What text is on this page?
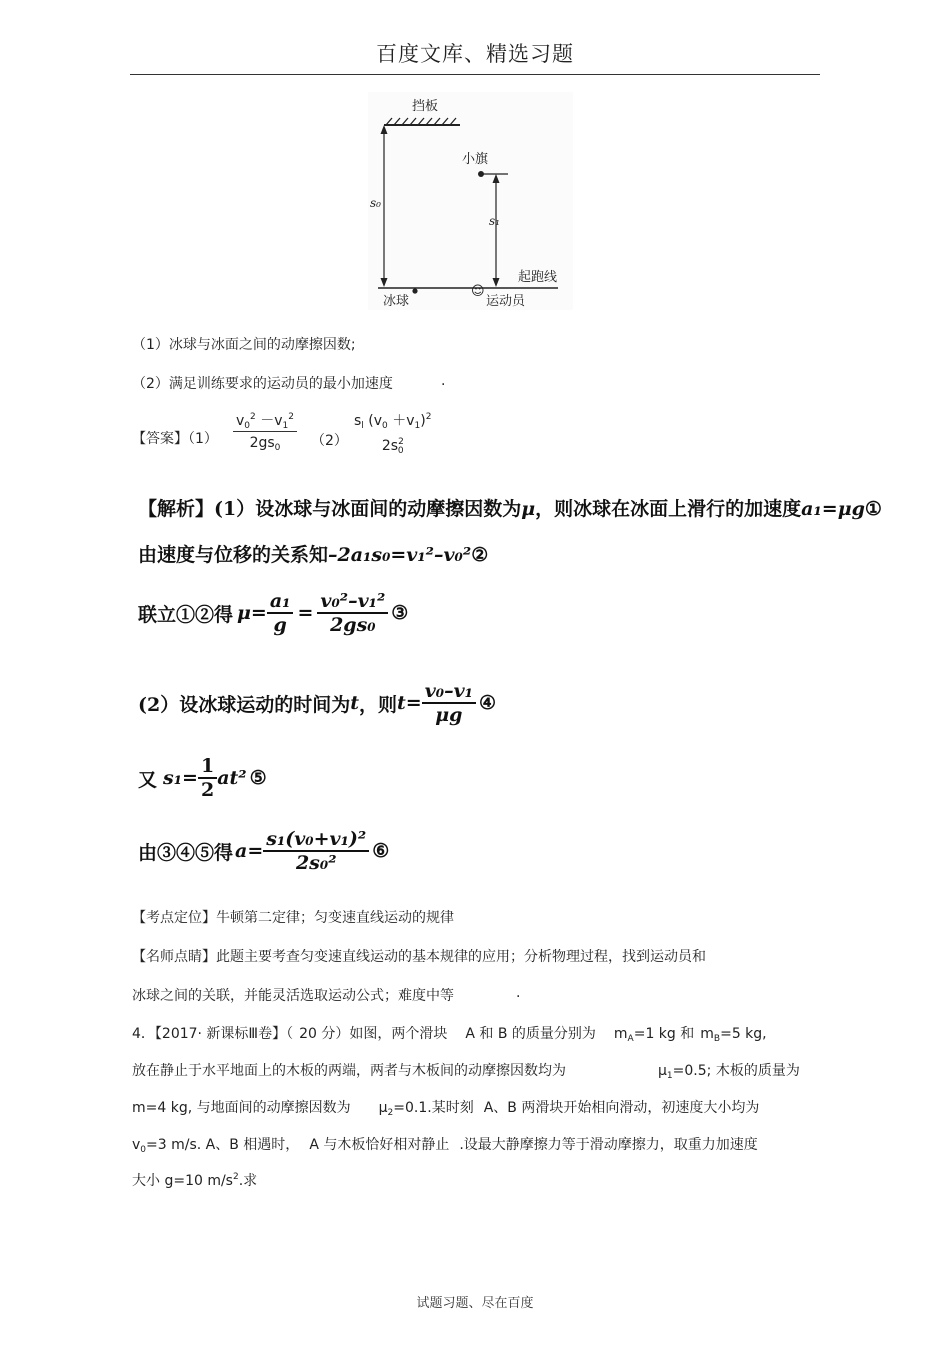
百度文库、精选习题
挡板
小旗
s₀
s₁
起跑线
冰球
☺
运动员
（1）冰球与冰面之间的动摩擦因数;
（2）满足训练要求的运动员的最小加速度	.
【答案】$(1) \frac{v_0^2 -v_1^2}{2gs_0} (2)$
$s_l$ $(v_0 +v_1)^2$
$2s^2_0$
【解析】(1）设冰球与冰面间的动摩擦因数为μ，则冰球在冰面上滑行的加速度a₁=μg①
由速度与位移的关系知–2a₁s₀=v₁²–v₀²②
联立①②得 $\mu= \frac{\text{a₁}}{g} = \frac{\text{v₀²–v₁²}}{\text{2gs₀}}$ ③
(2）设冰球运动的时间为 t ，则 $t= \frac{\text{v₀–v₁}}{\mu g}$ ④
又 $s_1= \frac{1}{2} at^2$ ⑤
由③④⑤得 $a= \frac{\text{s₁(v₀+v₁)²}}{\text{2s₀²}}$ ⑥
【考点定位】牛顿第二定律；匀变速直线运动的规律
【名师点睛】此题主要考查匀变速直线运动的基本规律的应用；分析物理过程，找到运动员和
冰球之间的关联，并能灵活选取运动公式；难度中等	.
4．【2017· 新课标Ⅲ卷】（ 20 分）如图，两个滑块 A 和 B 的质量分别为 $m_A=1$ kg 和 $m_B=5$ kg,
放在静止于水平地面上的木板的两端，两者与木板间的动摩擦因数均为	$\mu_1=0.5$; 木板的质量为
m=4 kg, 与地面间的动摩擦因数为 $\mu_2=0.1$.某时刻 A、B 两滑块开始相向滑动，初速度大小均为
$v_0=3$ m/s. A、B 相遇时， A 与木板恰好相对静止 .设最大静摩擦力等于滑动摩擦力，取重力加速度
大小 g=10 $m/s^2$.求
试题习题、尽在百度
